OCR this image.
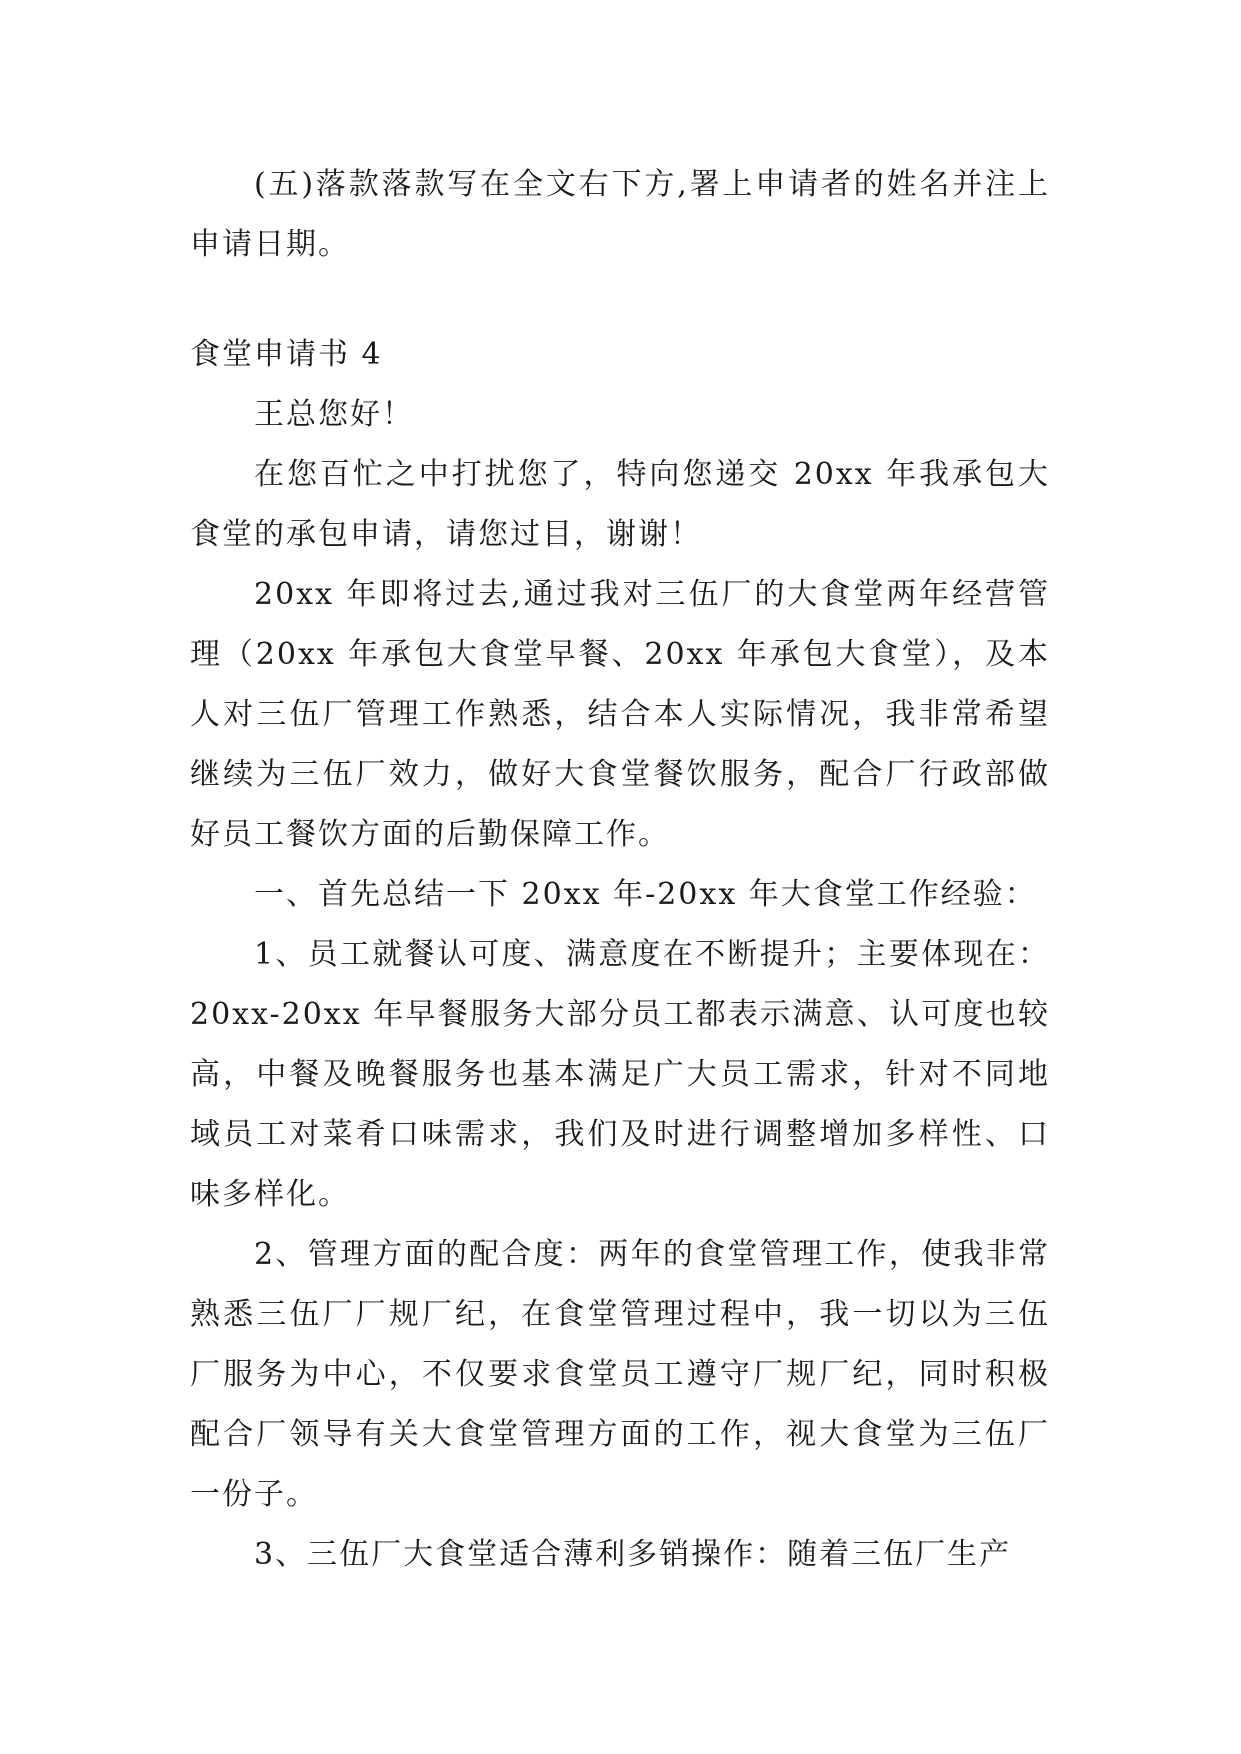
(五)落款落款写在全文右下方,署上申请者的姓名并注上申请日期。

食堂申请书 4

王总您好！

在您百忙之中打扰您了，特向您递交 20xx 年我承包大食堂的承包申请，请您过目，谢谢！

20xx 年即将过去,通过我对三伍厂的大食堂两年经营管理（20xx 年承包大食堂早餐、20xx 年承包大食堂），及本人对三伍厂管理工作熟悉，结合本人实际情况，我非常希望继续为三伍厂效力，做好大食堂餐饮服务，配合厂行政部做好员工餐饮方面的后勤保障工作。

一、首先总结一下 20xx 年-20xx 年大食堂工作经验：

1、员工就餐认可度、满意度在不断提升；主要体现在：20xx-20xx 年早餐服务大部分员工都表示满意、认可度也较高，中餐及晚餐服务也基本满足广大员工需求，针对不同地域员工对菜肴口味需求，我们及时进行调整增加多样性、口味多样化。

2、管理方面的配合度：两年的食堂管理工作，使我非常熟悉三伍厂厂规厂纪，在食堂管理过程中，我一切以为三伍厂服务为中心，不仅要求食堂员工遵守厂规厂纪，同时积极配合厂领导有关大食堂管理方面的工作，视大食堂为三伍厂一份子。

3、三伍厂大食堂适合薄利多销操作：随着三伍厂生产
